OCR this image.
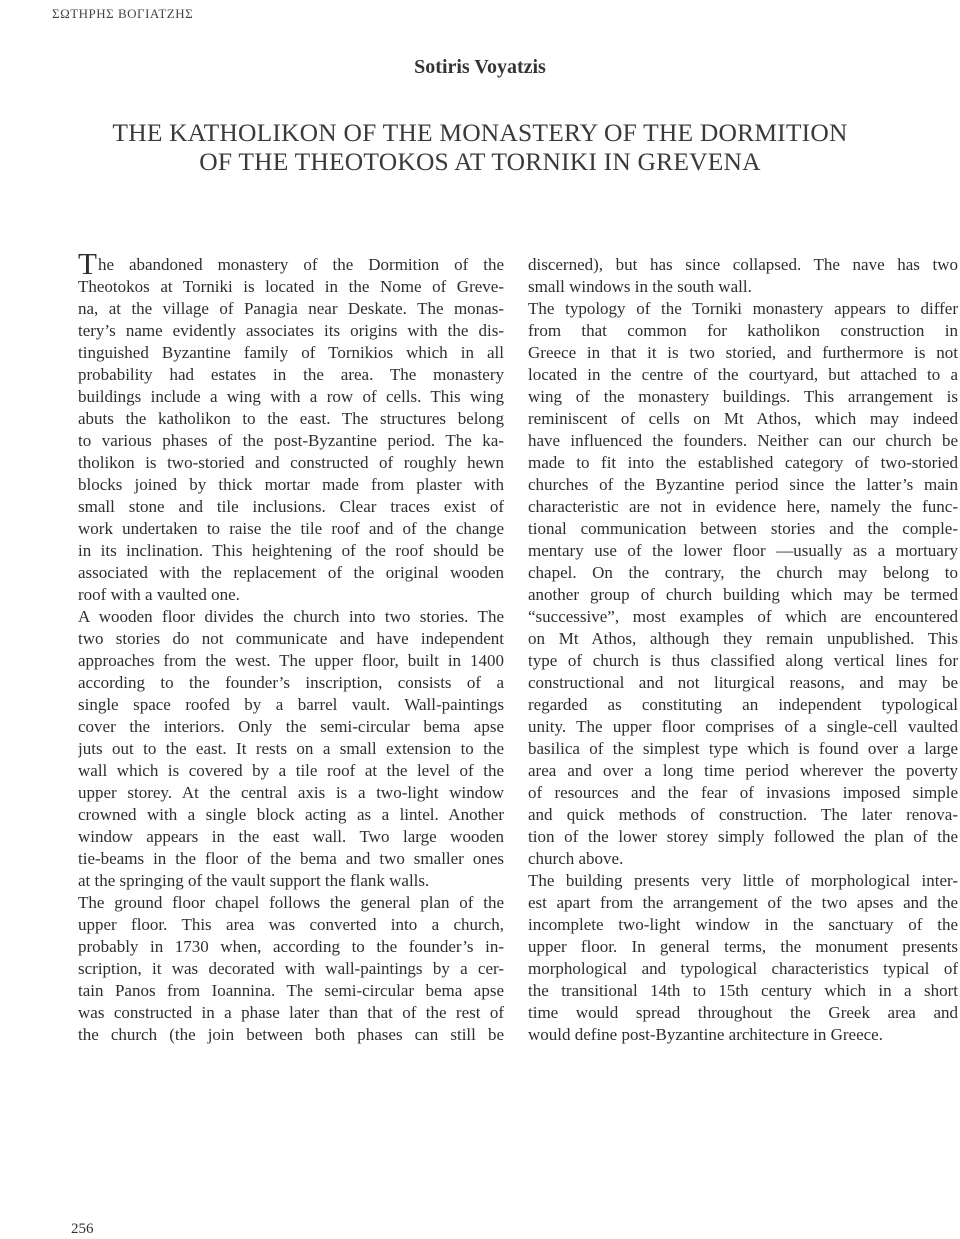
ΣΩΤΗΡΗΣ ΒΟΓΙΑΤΖΗΣ
Sotiris Voyatzis
THE KATHOLIKON OF THE MONASTERY OF THE DORMITION
OF THE THEOTOKOS AT TORNIKI IN GREVENA
The abandoned monastery of the Dormition of the
Theotokos at Torniki is located in the Nome of Greve-
na, at the village of Panagia near Deskate. The monas-
tery’s name evidently associates its origins with the dis-
tinguished Byzantine family of Tornikios which in all
probability had estates in the area. The monastery
buildings include a wing with a row of cells. This wing
abuts the katholikon to the east. The structures belong
to various phases of the post-Byzantine period. The ka-
tholikon is two-storied and constructed of roughly hewn
blocks joined by thick mortar made from plaster with
small stone and tile inclusions. Clear traces exist of
work undertaken to raise the tile roof and of the change
in its inclination. This heightening of the roof should be
associated with the replacement of the original wooden
roof with a vaulted one.
A wooden floor divides the church into two stories. The
two stories do not communicate and have independent
approaches from the west. The upper floor, built in 1400
according to the founder’s inscription, consists of a
single space roofed by a barrel vault. Wall-paintings
cover the interiors. Only the semi-circular bema apse
juts out to the east. It rests on a small extension to the
wall which is covered by a tile roof at the level of the
upper storey. At the central axis is a two-light window
crowned with a single block acting as a lintel. Another
window appears in the east wall. Two large wooden
tie-beams in the floor of the bema and two smaller ones
at the springing of the vault support the flank walls.
The ground floor chapel follows the general plan of the
upper floor. This area was converted into a church,
probably in 1730 when, according to the founder’s in-
scription, it was decorated with wall-paintings by a cer-
tain Panos from Ioannina. The semi-circular bema apse
was constructed in a phase later than that of the rest of
the church (the join between both phases can still be
discerned), but has since collapsed. The nave has two
small windows in the south wall.
The typology of the Torniki monastery appears to differ
from that common for katholikon construction in
Greece in that it is two storied, and furthermore is not
located in the centre of the courtyard, but attached to a
wing of the monastery buildings. This arrangement is
reminiscent of cells on Mt Athos, which may indeed
have influenced the founders. Neither can our church be
made to fit into the established category of two-storied
churches of the Byzantine period since the latter’s main
characteristic are not in evidence here, namely the func-
tional communication between stories and the comple-
mentary use of the lower floor —usually as a mortuary
chapel. On the contrary, the church may belong to
another group of church building which may be termed
“successive”, most examples of which are encountered
on Mt Athos, although they remain unpublished. This
type of church is thus classified along vertical lines for
constructional and not liturgical reasons, and may be
regarded as constituting an independent typological
unity. The upper floor comprises of a single-cell vaulted
basilica of the simplest type which is found over a large
area and over a long time period wherever the poverty
of resources and the fear of invasions imposed simple
and quick methods of construction. The later renova-
tion of the lower storey simply followed the plan of the
church above.
The building presents very little of morphological inter-
est apart from the arrangement of the two apses and the
incomplete two-light window in the sanctuary of the
upper floor. In general terms, the monument presents
morphological and typological characteristics typical of
the transitional 14th to 15th century which in a short
time would spread throughout the Greek area and
would define post-Byzantine architecture in Greece.
256
